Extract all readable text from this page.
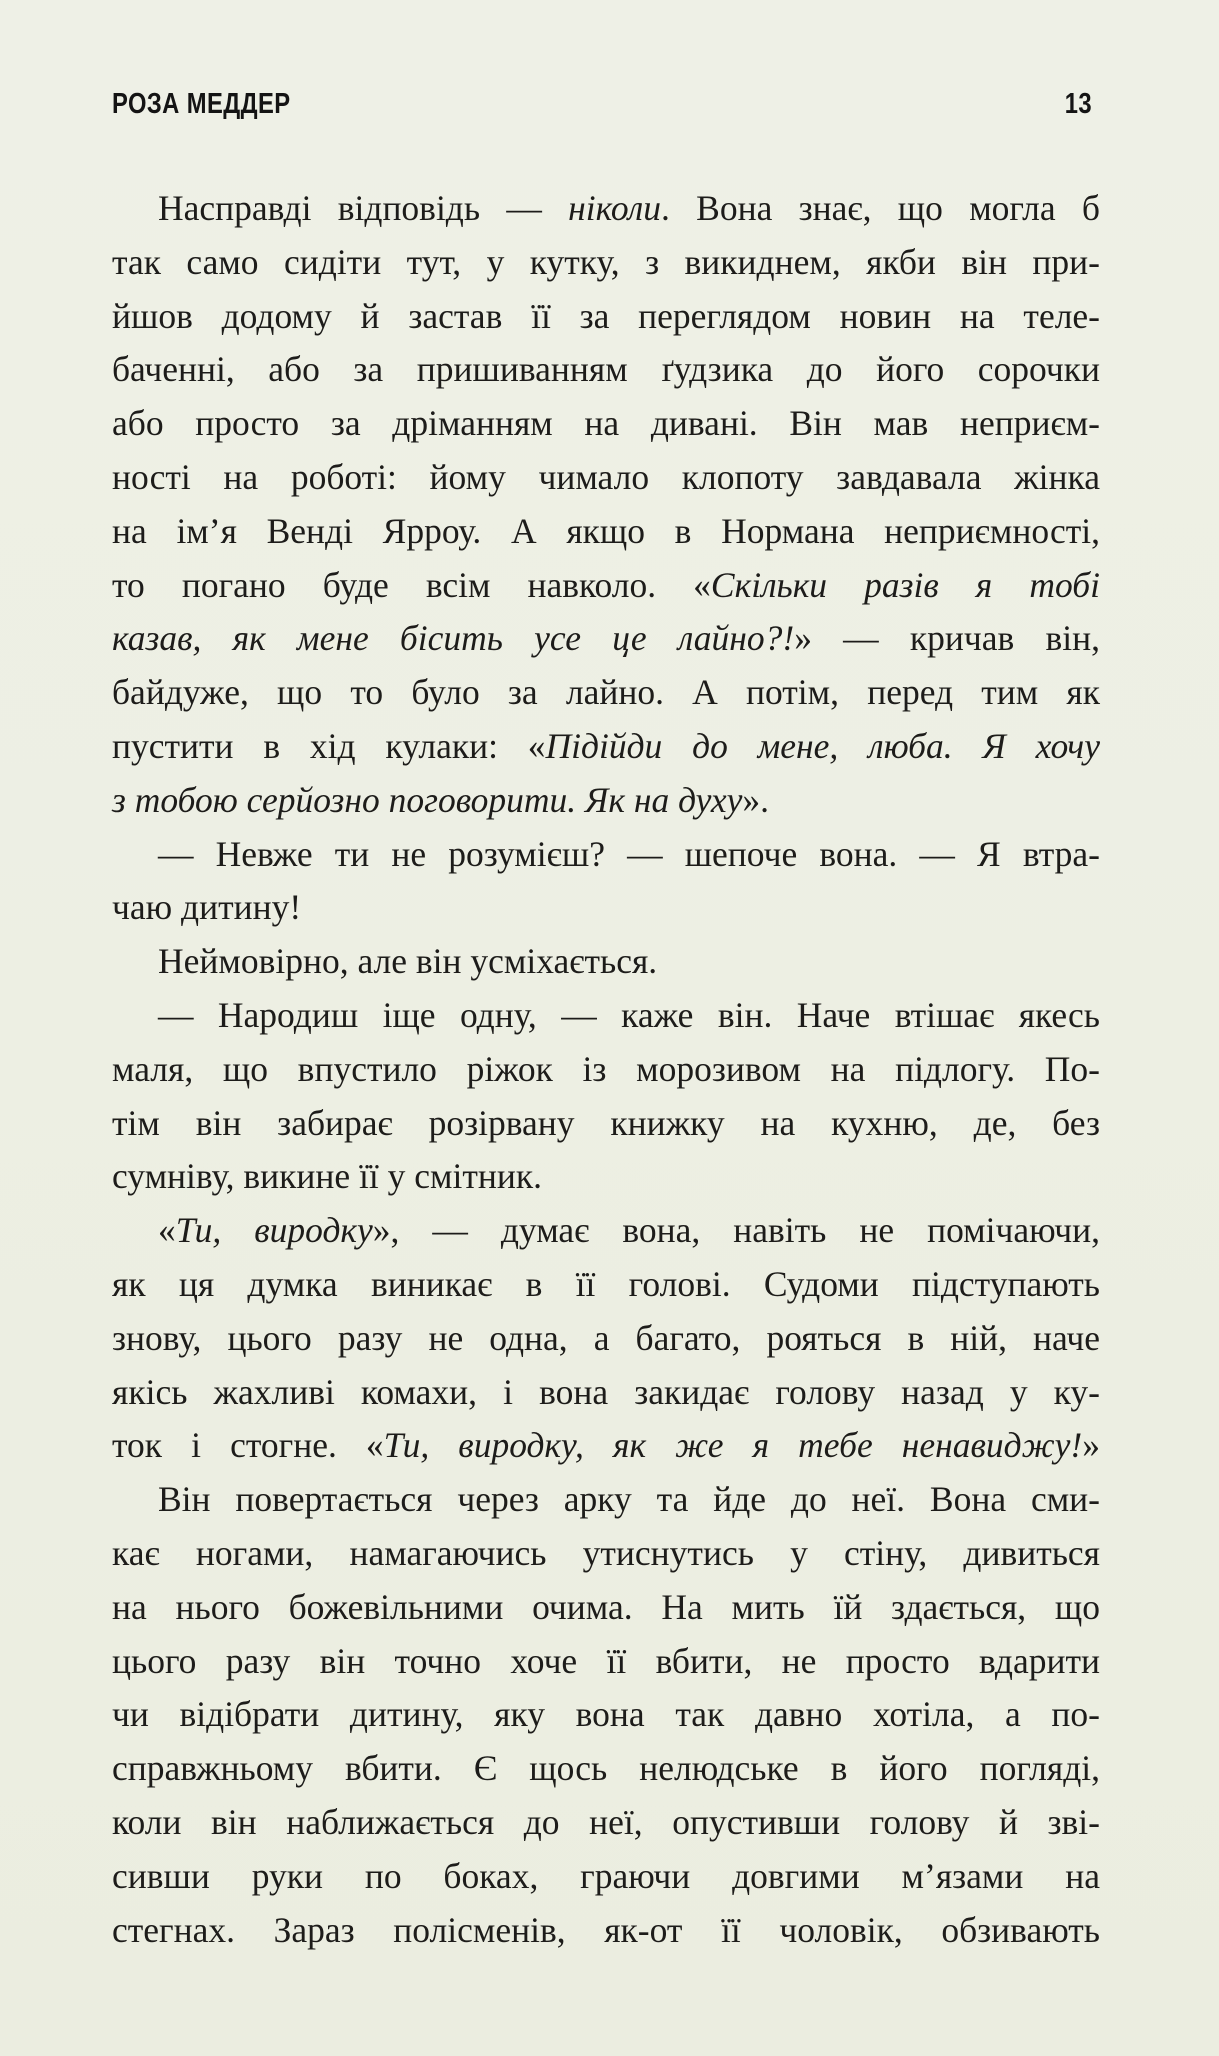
РОЗА МЕДДЕР	13
Насправді відповідь — ніколи. Вона знає, що могла б
так само сидіти тут, у кутку, з викиднем, якби він при-
йшов додому й застав її за переглядом новин на теле-
баченні, або за пришиванням ґудзика до його сорочки
або просто за дріманням на дивані. Він мав неприєм-
ності на роботі: йому чимало клопоту завдавала жінка
на ім’я Венді Ярроу. А якщо в Нормана неприємності,
то погано буде всім навколо. «Скільки разів я тобі
казав, як мене бісить усе це лайно?!» — кричав він,
байдуже, що то було за лайно. А потім, перед тим як
пустити в хід кулаки: «Підійди до мене, люба. Я хочу
з тобою серйозно поговорити. Як на духу».
— Невже ти не розумієш? — шепоче вона. — Я втра-
чаю дитину!
Неймовірно, але він усміхається.
— Народиш іще одну, — каже він. Наче втішає якесь
маля, що впустило ріжок із морозивом на підлогу. По-
тім він забирає розірвану книжку на кухню, де, без
сумніву, викине її у смітник.
«Ти, виродку», — думає вона, навіть не помічаючи,
як ця думка виникає в її голові. Судоми підступають
знову, цього разу не одна, а багато, рояться в ній, наче
якісь жахливі комахи, і вона закидає голову назад у ку-
ток і стогне. «Ти, виродку, як же я тебе ненавиджу!»
Він повертається через арку та йде до неї. Вона сми-
кає ногами, намагаючись утиснутись у стіну, дивиться
на нього божевільними очима. На мить їй здається, що
цього разу він точно хоче її вбити, не просто вдарити
чи відібрати дитину, яку вона так давно хотіла, а по-
справжньому вбити. Є щось нелюдське в його погляді,
коли він наближається до неї, опустивши голову й зві-
сивши руки по боках, граючи довгими м’язами на
стегнах. Зараз полісменів, як-от її чоловік, обзивають
